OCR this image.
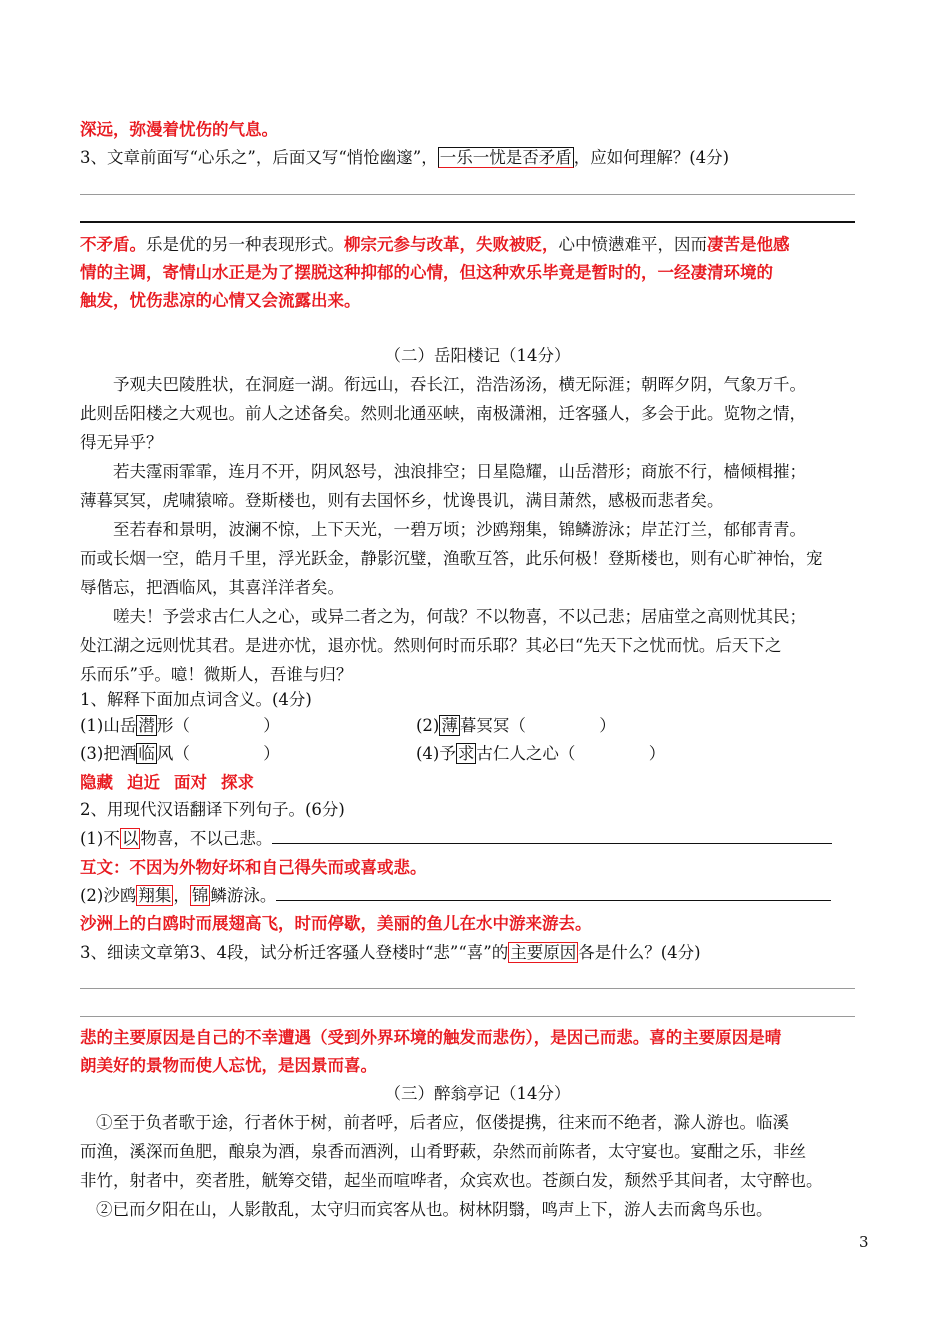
深远，弥漫着忧伤的气息。
3、文章前面写“心乐之”，后面又写“悄怆幽邃”， 一乐一忧是否矛盾 ，应如何理解？(4分)
不矛盾。乐是优的另一种表现形式。柳宗元参与改革，失败被贬，心中愤懑难平，因而凄苦是他感
情的主调，寄情山水正是为了摆脱这种抑郁的心情，但这种欢乐毕竟是暂时的，一经凄清环境的
触发，忧伤悲凉的心情又会流露出来。
（二）岳阳楼记（14分）
予观夫巴陵胜状，在洞庭一湖。衔远山，吞长江，浩浩汤汤，横无际涯；朝晖夕阴，气象万千。
此则岳阳楼之大观也。前人之述备矣。然则北通巫峡，南极潇湘，迁客骚人，多会于此。览物之情，
得无异乎？
若夫霪雨霏霏，连月不开，阴风怒号，浊浪排空；日星隐耀，山岳潜形；商旅不行，樯倾楫摧；
薄暮冥冥，虎啸猿啼。登斯楼也，则有去国怀乡，忧谗畏讥，满目萧然，感极而悲者矣。
至若春和景明，波澜不惊，上下天光，一碧万顷；沙鸥翔集，锦鳞游泳；岸芷汀兰，郁郁青青。
而或长烟一空，皓月千里，浮光跃金，静影沉璧，渔歌互答，此乐何极！登斯楼也，则有心旷神怡，宠
辱偕忘，把酒临风，其喜洋洋者矣。
嗟夫！予尝求古仁人之心，或异二者之为，何哉？不以物喜，不以己悲；居庙堂之高则忧其民；
处江湖之远则忧其君。是进亦忧，退亦忧。然则何时而乐耶？其必曰“先天下之忧而忧。后天下之
乐而乐”乎。噫！微斯人，吾谁与归？
1、解释下面加点词含义。(4分)
(1)山岳 潜 形（              ）	(2) 薄 暮冥冥（              ）
(3)把酒 临 风（              ）	(4)予 求 古仁人之心（              ）
隐藏 迫近 面对 探求
2、用现代汉语翻译下列句子。(6分)
(1)不 以 物喜，不以己悲。
互文：不因为外物好坏和自己得失而或喜或悲。
(2)沙鸥 翔集 ， 锦 鳞游泳。
沙洲上的白鸥时而展翅高飞，时而停歇，美丽的鱼儿在水中游来游去。
3、细读文章第3、4段，试分析迁客骚人登楼时“悲”“喜”的 主要原因 各是什么？(4分)
悲的主要原因是自己的不幸遭遇（受到外界环境的触发而悲伤），是因己而悲。喜的主要原因是晴
朗美好的景物而使人忘忧，是因景而喜。
（三）醉翁亭记（14分）
①至于负者歌于途，行者休于树，前者呼，后者应，伛偻提携，往来而不绝者，滁人游也。临溪
而渔，溪深而鱼肥，酿泉为酒，泉香而酒洌，山肴野蔌，杂然而前陈者，太守宴也。宴酣之乐，非丝
非竹，射者中，奕者胜，觥筹交错，起坐而喧哗者，众宾欢也。苍颜白发，颓然乎其间者，太守醉也。
②已而夕阳在山，人影散乱，太守归而宾客从也。树林阴翳，鸣声上下，游人去而禽鸟乐也。
3
